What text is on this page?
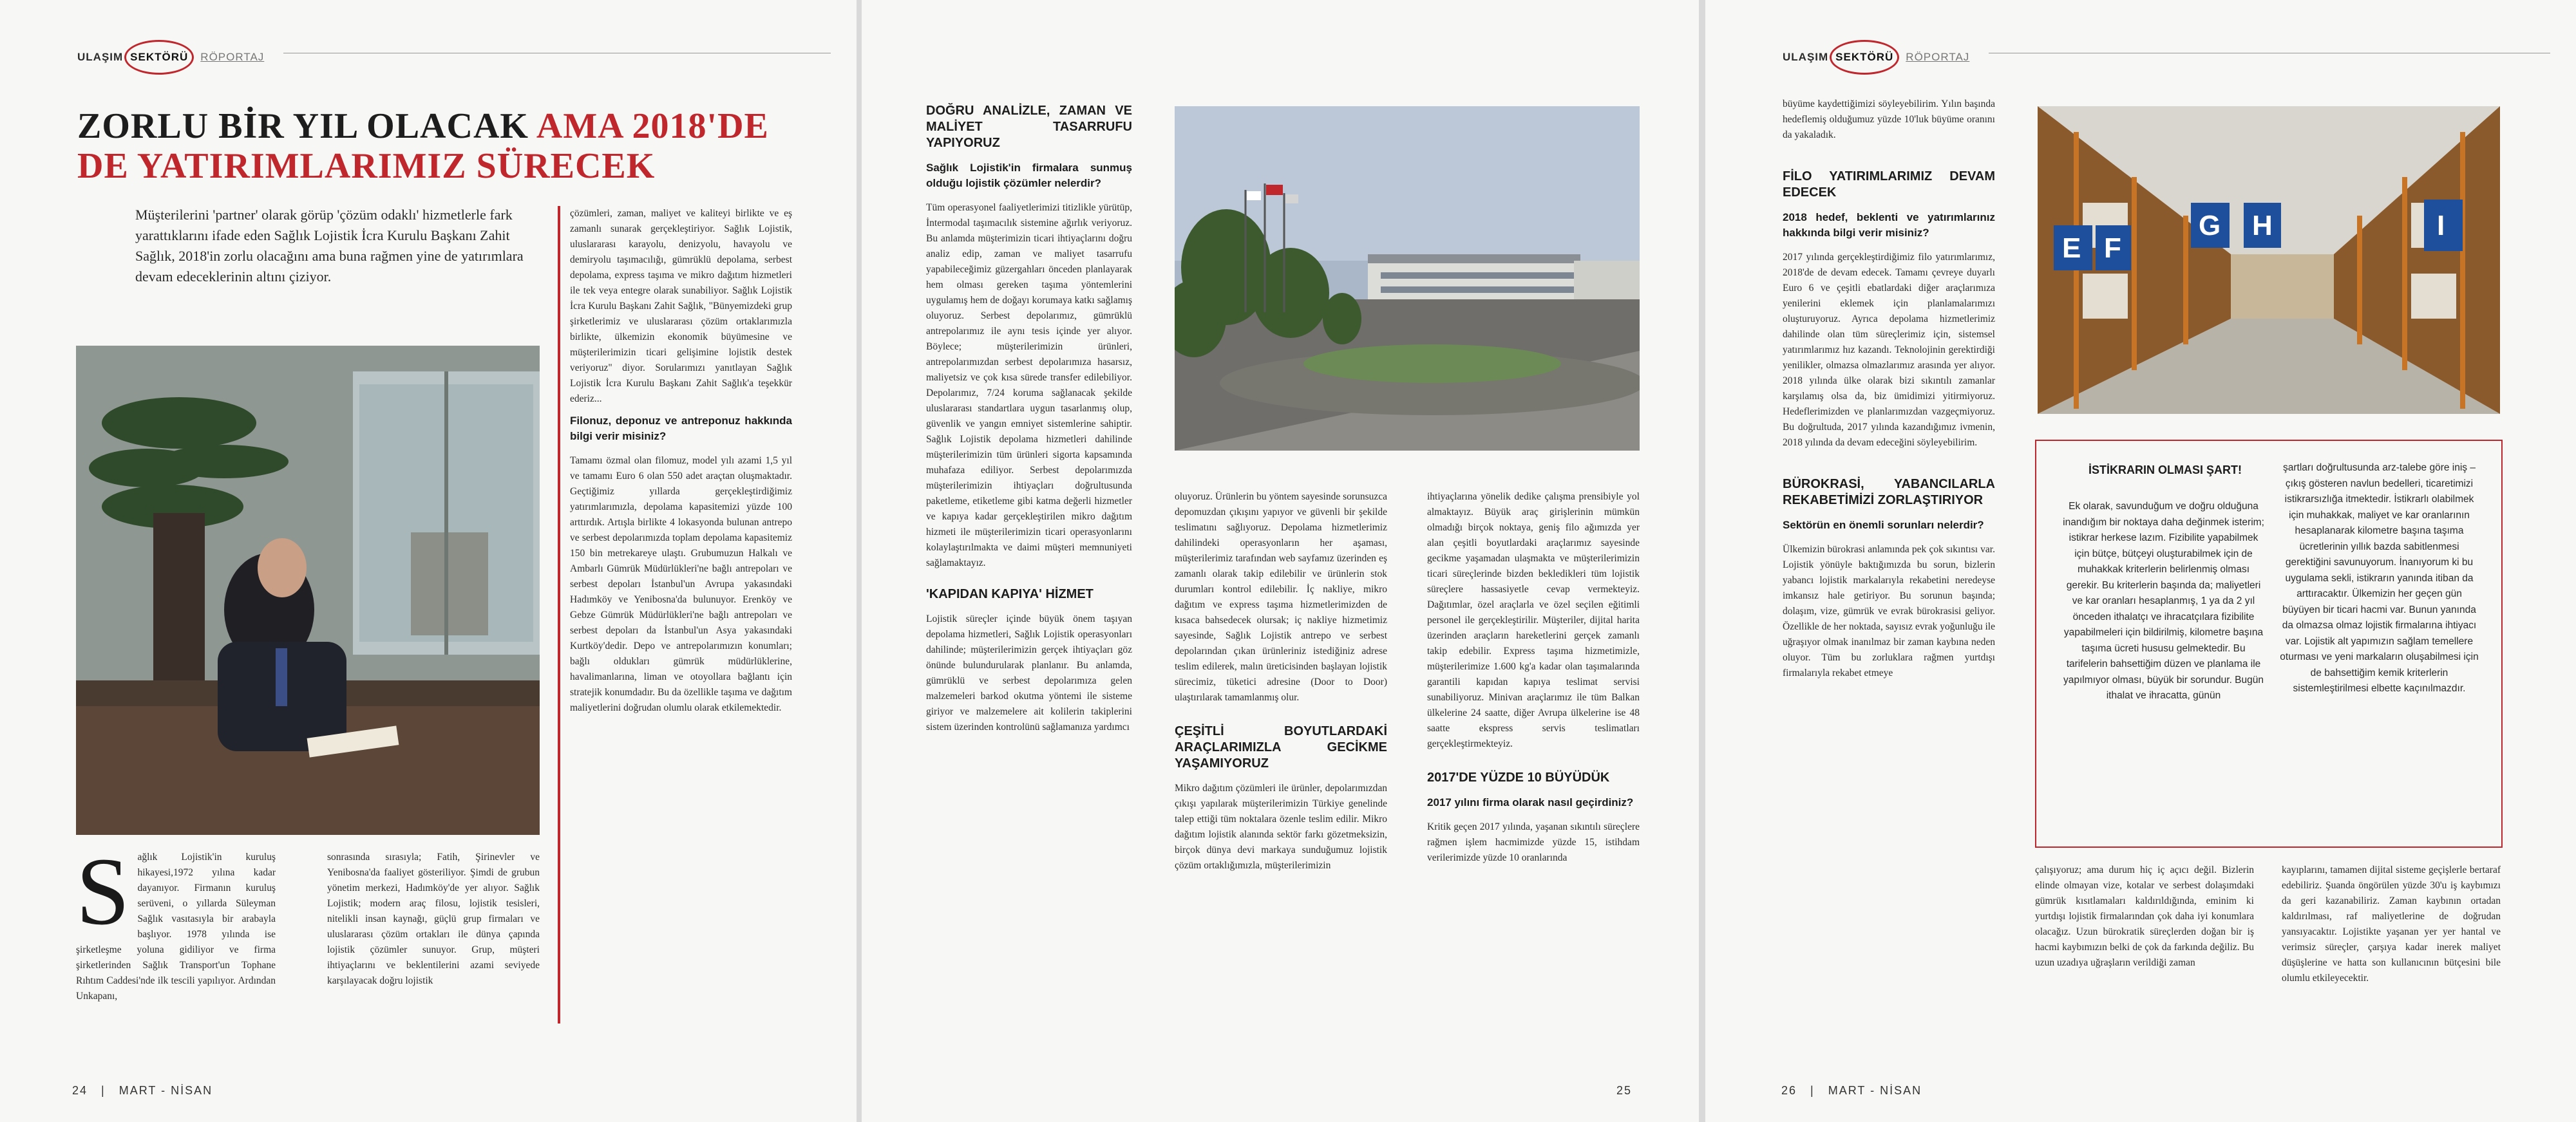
ULAŞIM SEKTÖRÜ	RÖPORTAJ
ZORLU BİR YIL OLACAK AMA 2018'DE
DE YATIRIMLARIMIZ SÜRECEK
Müşterilerini 'partner' olarak görüp 'çözüm odaklı' hizmetlerle fark yarattıklarını ifade eden Sağlık Lojistik İcra Kurulu Başkanı Zahit Sağlık, 2018'in zorlu olacağını ama buna rağmen yine de yatırımlara devam edeceklerinin altını çiziyor.

çözümleri, zaman, maliyet ve kaliteyi birlikte ve eş zamanlı sunarak gerçekleştiriyor. Sağlık Lojistik, uluslararası karayolu, denizyolu, havayolu ve demiryolu taşımacılığı, gümrüklü depolama, serbest depolama, express taşıma ve mikro dağıtım hizmetleri ile tek veya entegre olarak sunabiliyor. Sağlık Lojistik İcra Kurulu Başkanı Zahit Sağlık, "Bünyemizdeki grup şirketlerimiz ve uluslararası çözüm ortaklarımızla birlikte, ülkemizin ekonomik büyümesine ve müşterilerimizin ticari gelişimine lojistik destek veriyoruz" diyor. Sorularımızı yanıtlayan Sağlık Lojistik İcra Kurulu Başkanı Zahit Sağlık'a teşekkür ederiz...

Filonuz, deponuz ve antreponuz hakkında bilgi verir misiniz?

Tamamı özmal olan filomuz, model yılı azami 1,5 yıl ve tamamı Euro 6 olan 550 adet araçtan oluşmaktadır. Geçtiğimiz yıllarda gerçekleştirdiğimiz yatırımlarımızla, depolama kapasitemizi yüzde 100 arttırdık. Artışla birlikte 4 lokasyonda bulunan antrepo ve serbest depolarımızda toplam depolama kapasitemiz 150 bin metrekareye ulaştı. Grubumuzun Halkalı ve Ambarlı Gümrük Müdürlükleri'ne bağlı antrepoları ve serbest depoları İstanbul'un Avrupa yakasındaki Hadımköy ve Yenibosna'da bulunuyor. Erenköy ve Gebze Gümrük Müdürlükleri'ne bağlı antrepoları ve serbest depoları da İstanbul'un Asya yakasındaki Kurtköy'dedir. Depo ve antrepolarımızın konumları; bağlı oldukları gümrük müdürlüklerine, havalimanlarına, liman ve otoyollara bağlantı için stratejik konumdadır. Bu da özellikle taşıma ve dağıtım maliyetlerini doğrudan olumlu olarak etkilemektedir.

S ağlık Lojistik'in kuruluş hikayesi,1972 yılına kadar dayanıyor. Firmanın kuruluş serüveni, o yıllarda Süleyman Sağlık vasıtasıyla bir arabayla başlıyor. 1978 yılında ise şirketleşme yoluna gidiliyor ve firma şirketlerinden Sağlık Transport'un Tophane Rıhtım Caddesi'nde ilk tescili yapılıyor. Ardından Unkapanı,

sonrasında sırasıyla; Fatih, Şirinevler ve Yenibosna'da faaliyet gösteriliyor. Şimdi de grubun yönetim merkezi, Hadımköy'de yer alıyor. Sağlık Lojistik; modern araç filosu, lojistik tesisleri, nitelikli insan kaynağı, güçlü grup firmaları ve uluslararası çözüm ortakları ile dünya çapında lojistik çözümler sunuyor. Grup, müşteri ihtiyaçlarını ve beklentilerini azami seviyede karşılayacak doğru lojistik

24 | MART - NİSAN
DOĞRU ANALİZLE, ZAMAN VE MALİYET TASARRUFU YAPIYORUZ
Sağlık Lojistik'in firmalara sunmuş olduğu lojistik çözümler nelerdir?

Tüm operasyonel faaliyetlerimizi titizlikle yürütüp, İntermodal taşımacılık sistemine ağırlık veriyoruz. Bu anlamda müşterimizin ticari ihtiyaçlarını doğru analiz edip, zaman ve maliyet tasarrufu yapabileceğimiz güzergahları önceden planlayarak hem olması gereken taşıma yöntemlerini uygulamış hem de doğayı korumaya katkı sağlamış oluyoruz. Serbest depolarımız, gümrüklü antrepolarımız ile aynı tesis içinde yer alıyor. Böylece; müşterilerimizin ürünleri, antrepolarımızdan serbest depolarımıza hasarsız, maliyetsiz ve çok kısa sürede transfer edilebiliyor. Depolarımız, 7/24 koruma sağlanacak şekilde uluslararası standartlara uygun tasarlanmış olup, güvenlik ve yangın emniyet sistemlerine sahiptir. Sağlık Lojistik depolama hizmetleri dahilinde müşterilerimizin tüm ürünleri sigorta kapsamında muhafaza ediliyor. Serbest depolarımızda müşterilerimizin ihtiyaçları doğrultusunda paketleme, etiketleme gibi katma değerli hizmetler ve kapıya kadar gerçekleştirilen mikro dağıtım hizmeti ile müşterilerimizin ticari operasyonlarını kolaylaştırılmakta ve daimi müşteri memnuniyeti sağlamaktayız.

'KAPIDAN KAPIYA' HİZMET

Lojistik süreçler içinde büyük önem taşıyan depolama hizmetleri, Sağlık Lojistik operasyonları dahilinde; müşterilerimizin gerçek ihtiyaçları göz önünde bulundurularak planlanır. Bu anlamda, gümrüklü ve serbest depolarımıza gelen malzemeleri barkod okutma yöntemi ile sisteme giriyor ve malzemelere ait kolilerin takiplerini sistem üzerinden kontrolünü sağlamanıza yardımcı

oluyoruz. Ürünlerin bu yöntem sayesinde sorunsuzca depomuzdan çıkışını yapıyor ve güvenli bir şekilde teslimatını sağlıyoruz. Depolama hizmetlerimiz dahilindeki operasyonların her aşaması, müşterilerimiz tarafından web sayfamız üzerinden eş zamanlı olarak takip edilebilir ve ürünlerin stok durumları kontrol edilebilir. İç nakliye, mikro dağıtım ve express taşıma hizmetlerimizden de kısaca bahsedecek olursak; iç nakliye hizmetimiz sayesinde, Sağlık Lojistik antrepo ve serbest depolarından çıkan ürünleriniz istediğiniz adrese teslim edilerek, malın üreticisinden başlayan lojistik sürecimiz, tüketici adresine (Door to Door) ulaştırılarak tamamlanmış olur.

ÇEŞİTLİ BOYUTLARDAKİ ARAÇLARIMIZLA GECİKME YAŞAMIYORUZ

Mikro dağıtım çözümleri ile ürünler, depolarımızdan çıkışı yapılarak müşterilerimizin Türkiye genelinde talep ettiği tüm noktalara özenle teslim edilir. Mikro dağıtım lojistik alanında sektör farkı gözetmeksizin, birçok dünya devi markaya sunduğumuz lojistik çözüm ortaklığımızla, müşterilerimizin

ihtiyaçlarına yönelik dedike çalışma prensibiyle yol almaktayız. Büyük araç girişlerinin mümkün olmadığı birçok noktaya, geniş filo ağımızda yer alan çeşitli boyutlardaki araçlarımız sayesinde gecikme yaşamadan ulaşmakta ve müşterilerimizin ticari süreçlerinde bizden bekledikleri tüm lojistik süreçlere hassasiyetle cevap vermekteyiz. Dağıtımlar, özel araçlarla ve özel seçilen eğitimli personel ile gerçekleştirilir. Müşteriler, dijital harita üzerinden araçların hareketlerini gerçek zamanlı takip edebilir. Express taşıma hizmetimizle, müşterilerimize 1.600 kg'a kadar olan taşımalarında garantili kapıdan kapıya teslimat servisi sunabiliyoruz. Minivan araçlarımız ile tüm Balkan ülkelerine 24 saatte, diğer Avrupa ülkelerine ise 48 saatte ekspress servis teslimatları gerçekleştirmekteyiz.

2017'DE YÜZDE 10 BÜYÜDÜK
2017 yılını firma olarak nasıl geçirdiniz?

Kritik geçen 2017 yılında, yaşanan sıkıntılı süreçlere rağmen işlem hacmimizde yüzde 15, istihdam verilerimizde yüzde 10 oranlarında

25
ULAŞIM SEKTÖRÜ	RÖPORTAJ

büyüme kaydettiğimizi söyleyebilirim. Yılın başında hedeflemiş olduğumuz yüzde 10'luk büyüme oranını da yakaladık.

FİLO YATIRIMLARIMIZ DEVAM EDECEK
2018 hedef, beklenti ve yatırımlarınız hakkında bilgi verir misiniz?

2017 yılında gerçekleştirdiğimiz filo yatırımlarımız, 2018'de de devam edecek. Tamamı çevreye duyarlı Euro 6 ve çeşitli ebatlardaki diğer araçlarımıza yenilerini eklemek için planlamalarımızı oluşturuyoruz. Ayrıca depolama hizmetlerimiz dahilinde olan tüm süreçlerimiz için, sistemsel yatırımlarımız hız kazandı. Teknolojinin gerektirdiği yenilikler, olmazsa olmazlarımız arasında yer alıyor. 2018 yılında ülke olarak bizi sıkıntılı zamanlar karşılamış olsa da, biz ümidimizi yitirmiyoruz. Hedeflerimizden ve planlarımızdan vazgeçmiyoruz. Bu doğrultuda, 2017 yılında kazandığımız ivmenin, 2018 yılında da devam edeceğini söyleyebilirim.

BÜROKRASİ, YABANCILARLA REKABETİMİZİ ZORLAŞTIRIYOR
Sektörün en önemli sorunları nelerdir?

Ülkemizin bürokrasi anlamında pek çok sıkıntısı var. Lojistik yönüyle baktığımızda bu sorun, bizlerin yabancı lojistik markalarıyla rekabetini neredeyse imkansız hale getiriyor. Bu sorunun başında; dolaşım, vize, gümrük ve evrak bürokrasisi geliyor. Özellikle de her noktada, sayısız evrak yoğunluğu ile uğraşıyor olmak inanılmaz bir zaman kaybına neden oluyor. Tüm bu zorluklara rağmen yurtdışı firmalarıyla rekabet etmeye

E F
G H	I
İSTİKRARIN OLMASI ŞART!
Ek olarak, savunduğum ve doğru olduğuna inandığım bir noktaya daha değinmek isterim; istikrar herkese lazım. Fizibilite yapabilmek için bütçe, bütçeyi oluşturabilmek için de muhakkak kriterlerin belirlenmiş olması gerekir. Bu kriterlerin başında da; maliyetleri ve kar oranları hesaplanmış, 1 ya da 2 yıl önceden ithalatçı ve ihracatçılara fizibilite yapabilmeleri için bildirilmiş, kilometre başına taşıma ücreti hususu gelmektedir. Bu tarifelerin bahsettiğim düzen ve planlama ile yapılmıyor olması, büyük bir sorundur. Bugün ithalat ve ihracatta, günün
şartları doğrultusunda arz-talebe göre iniş – çıkış gösteren navlun bedelleri, ticaretimizi istikrarsızlığa itmektedir. İstikrarlı olabilmek için muhakkak, maliyet ve kar oranlarının hesaplanarak kilometre başına taşıma ücretlerinin yıllık bazda sabitlenmesi gerektiğini savunuyorum. İnanıyorum ki bu uygulama sekli, istikrarın yanında itiban da arttıracaktır. Ülkemizin her geçen gün büyüyen bir ticari hacmi var. Bunun yanında da olmazsa olmaz lojistik firmalarına ihtiyacı var. Lojistik alt yapımızın sağlam temellere oturması ve yeni markaların oluşabilmesi için de bahsettiğim kemik kriterlerin sistemleştirilmesi elbette kaçınılmazdır.

çalışıyoruz; ama durum hiç iç açıcı değil. Bizlerin elinde olmayan vize, kotalar ve serbest dolaşımdaki gümrük kısıtlamaları kaldırıldığında, eminim ki yurtdışı lojistik firmalarından çok daha iyi konumlara olacağız. Uzun bürokratik süreçlerden doğan bir iş hacmi kaybımızın belki de çok da farkında değiliz. Bu uzun uzadıya uğraşların verildiği zaman

kayıplarını, tamamen dijital sisteme geçişlerle bertaraf edebiliriz. Şuanda öngörülen yüzde 30'u iş kaybımızı da geri kazanabiliriz. Zaman kaybının ortadan kaldırılması, raf maliyetlerine de doğrudan yansıyacaktır. Lojistikte yaşanan yer yer hantal ve verimsiz süreçler, çarşıya kadar inerek maliyet düşüşlerine ve hatta son kullanıcının bütçesini bile olumlu etkileyecektir.

26 | MART - NİSAN
